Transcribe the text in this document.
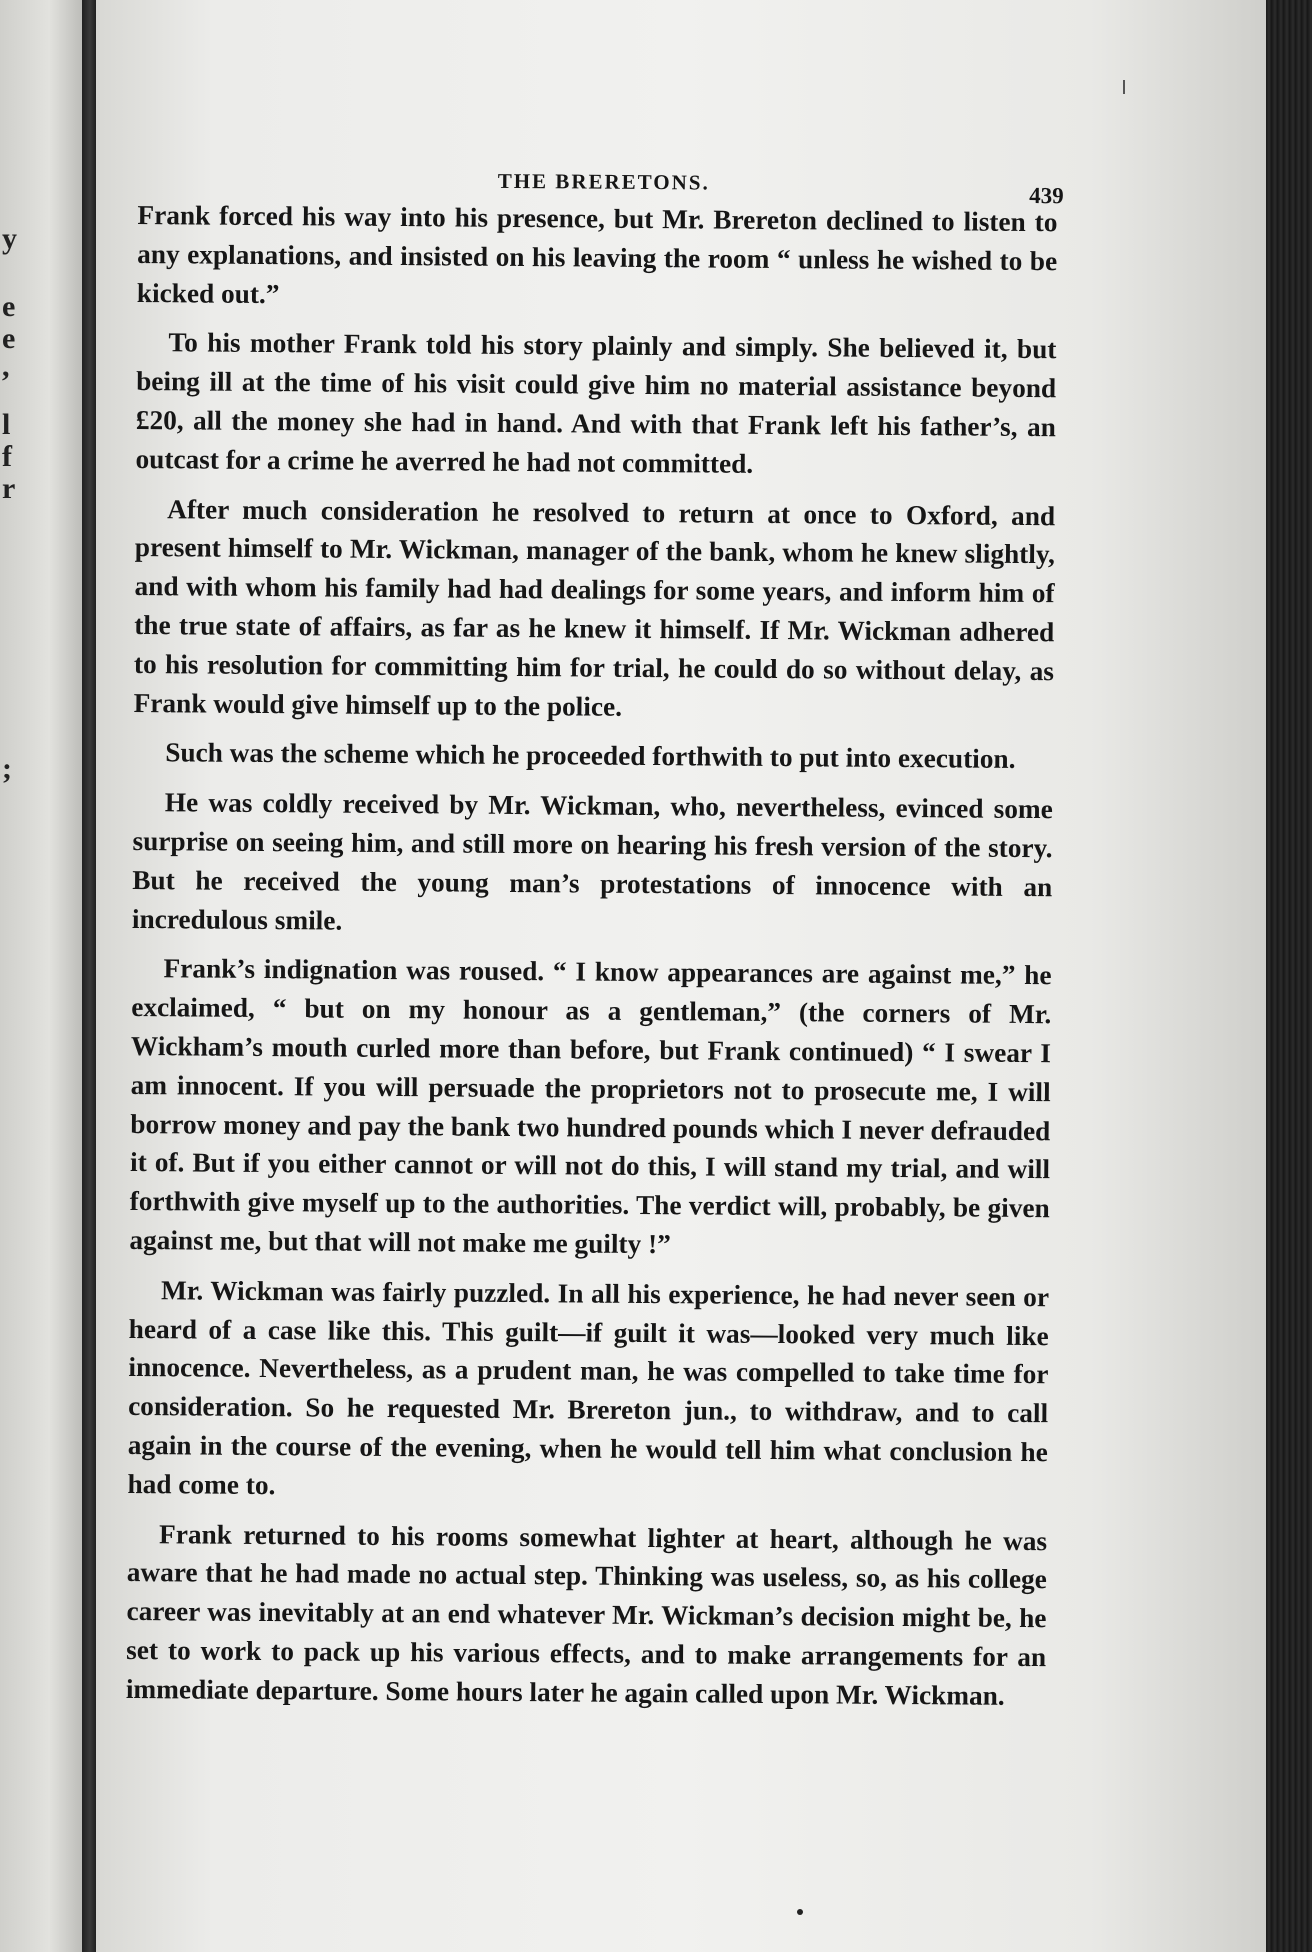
y
e
e
,
l
f
r
;
THE BRERETONS.
439

Frank forced his way into his presence, but Mr. Brereton declined to listen to any explanations, and insisted on his leaving the room “ unless he wished to be kicked out.”

To his mother Frank told his story plainly and simply. She believed it, but being ill at the time of his visit could give him no material assistance beyond £20, all the money she had in hand. And with that Frank left his father’s, an outcast for a crime he averred he had not committed.

After much consideration he resolved to return at once to Oxford, and present himself to Mr. Wickman, manager of the bank, whom he knew slightly, and with whom his family had had dealings for some years, and inform him of the true state of affairs, as far as he knew it himself. If Mr. Wickman adhered to his resolution for committing him for trial, he could do so without delay, as Frank would give himself up to the police.

Such was the scheme which he proceeded forthwith to put into execution.

He was coldly received by Mr. Wickman, who, nevertheless, evinced some surprise on seeing him, and still more on hearing his fresh version of the story. But he received the young man’s protestations of innocence with an incredulous smile.

Frank’s indignation was roused. “ I know appearances are against me,” he exclaimed, “ but on my honour as a gentleman,” (the corners of Mr. Wickham’s mouth curled more than before, but Frank continued) “ I swear I am innocent. If you will persuade the proprietors not to prosecute me, I will borrow money and pay the bank two hundred pounds which I never defrauded it of. But if you either cannot or will not do this, I will stand my trial, and will forthwith give myself up to the authorities. The verdict will, probably, be given against me, but that will not make me guilty !”

Mr. Wickman was fairly puzzled. In all his experience, he had never seen or heard of a case like this. This guilt—if guilt it was—looked very much like innocence. Nevertheless, as a prudent man, he was compelled to take time for consideration. So he requested Mr. Brereton jun., to withdraw, and to call again in the course of the evening, when he would tell him what conclusion he had come to.

Frank returned to his rooms somewhat lighter at heart, although he was aware that he had made no actual step. Thinking was useless, so, as his college career was inevitably at an end whatever Mr. Wickman’s decision might be, he set to work to pack up his various effects, and to make arrangements for an immediate departure. Some hours later he again called upon Mr. Wickman.
